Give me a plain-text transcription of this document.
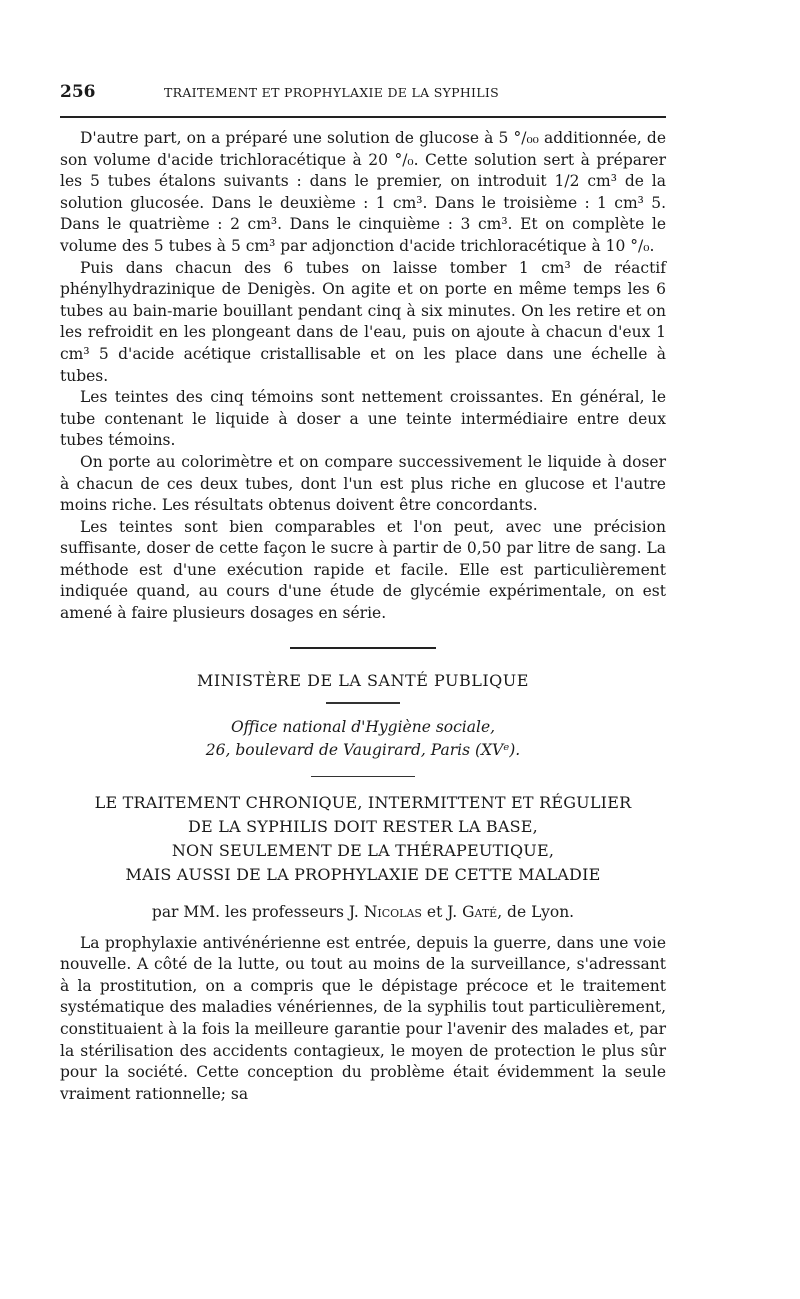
256	TRAITEMENT ET PROPHYLAXIE DE LA SYPHILIS

D'autre part, on a préparé une solution de glucose à 5 °/₀₀ additionnée, de son volume d'acide trichloracétique à 20 °/₀. Cette solution sert à préparer les 5 tubes étalons suivants : dans le premier, on introduit 1/2 cm³ de la solution glucosée. Dans le deuxième : 1 cm³. Dans le troisième : 1 cm³ 5. Dans le quatrième : 2 cm³. Dans le cinquième : 3 cm³. Et on complète le volume des 5 tubes à 5 cm³ par adjonction d'acide trichloracétique à 10 °/₀.

Puis dans chacun des 6 tubes on laisse tomber 1 cm³ de réactif phénylhydrazinique de Denigès. On agite et on porte en même temps les 6 tubes au bain-marie bouillant pendant cinq à six minutes. On les retire et on les refroidit en les plongeant dans de l'eau, puis on ajoute à chacun d'eux 1 cm³ 5 d'acide acétique cristallisable et on les place dans une échelle à tubes.

Les teintes des cinq témoins sont nettement croissantes. En général, le tube contenant le liquide à doser a une teinte intermédiaire entre deux tubes témoins.

On porte au colorimètre et on compare successivement le liquide à doser à chacun de ces deux tubes, dont l'un est plus riche en glucose et l'autre moins riche. Les résultats obtenus doivent être concordants.

Les teintes sont bien comparables et l'on peut, avec une précision suffisante, doser de cette façon le sucre à partir de 0,50 par litre de sang. La méthode est d'une exécution rapide et facile. Elle est particulièrement indiquée quand, au cours d'une étude de glycémie expérimentale, on est amené à faire plusieurs dosages en série.

MINISTÈRE DE LA SANTÉ PUBLIQUE

Office national d'Hygiène sociale,
26, boulevard de Vaugirard, Paris (XVᵉ).

LE TRAITEMENT CHRONIQUE, INTERMITTENT ET RÉGULIER
DE LA SYPHILIS DOIT RESTER LA BASE,
NON SEULEMENT DE LA THÉRAPEUTIQUE,
MAIS AUSSI DE LA PROPHYLAXIE DE CETTE MALADIE

par MM. les professeurs J. Nicolas et J. Gaté, de Lyon.

La prophylaxie antivénérienne est entrée, depuis la guerre, dans une voie nouvelle. A côté de la lutte, ou tout au moins de la surveillance, s'adressant à la prostitution, on a compris que le dépistage précoce et le traitement systématique des maladies vénériennes, de la syphilis tout particulièrement, constituaient à la fois la meilleure garantie pour l'avenir des malades et, par la stérilisation des accidents contagieux, le moyen de protection le plus sûr pour la société. Cette conception du problème était évidemment la seule vraiment rationnelle; sa
